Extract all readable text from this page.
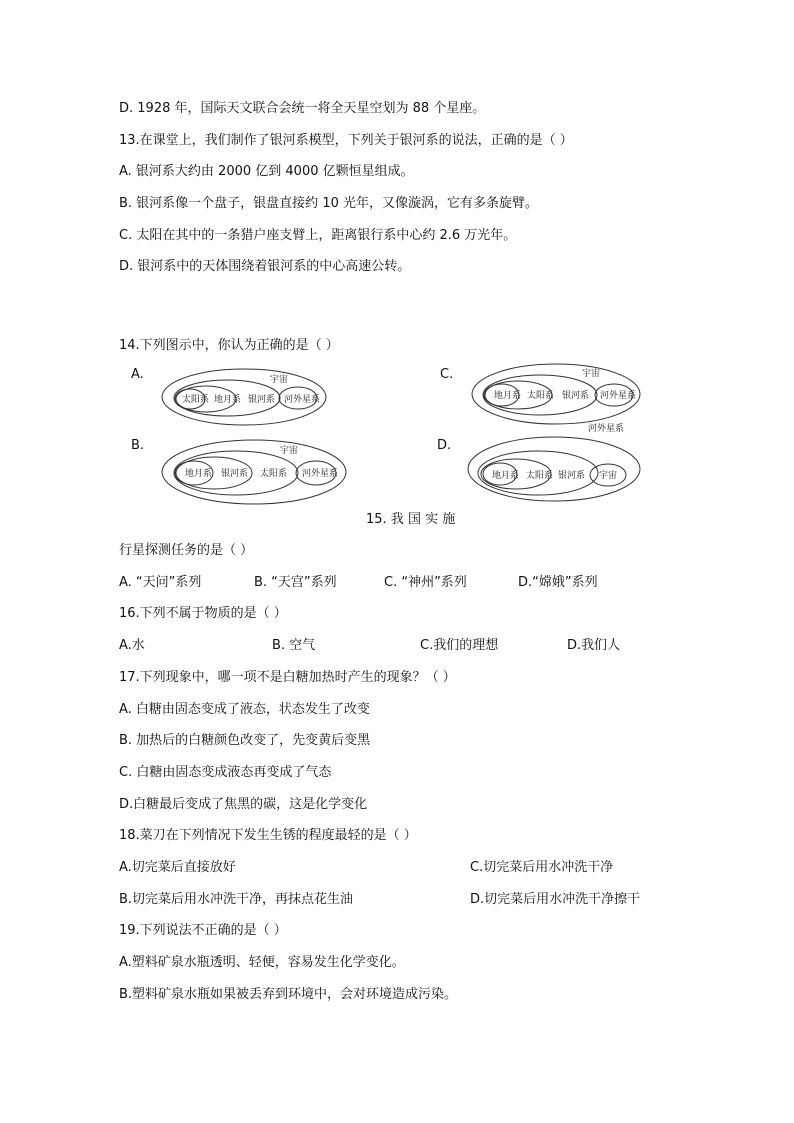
D. 1928 年，国际天文联合会统一将全天星空划为 88 个星座。
13.在课堂上，我们制作了银河系模型，下列关于银河系的说法，正确的是（ ）
A. 银河系大约由 2000 亿到 4000 亿颗恒星组成。
B. 银河系像一个盘子，银盘直接约 10 光年，又像漩涡，它有多条旋臂。
C. 太阳在其中的一条猎户座支臂上，距离银行系中心约 2.6 万光年。
D. 银河系中的天体围绕着银河系的中心高速公转。
14.下列图示中，你认为正确的是（ ）
A.	C.
B.	D.
太阳系 地月系 银河系
宇宙
河外星系	地月系 太阳系 银河系
宇宙
河外星系
地月系 银河系 太阳系
宇宙
河外星系	地月系 太阳系 银河系
河外星系
宇宙
15. 我 国 实 施
行星探测任务的是（ ）
A. “天问”系列	B. “天宫”系列	C. “神州”系列	D.“嫦娥”系列
16.下列不属于物质的是（ ）
A.水	B. 空气	C.我们的理想	D.我们人
17.下列现象中，哪一项不是白糖加热时产生的现象？（ ）
A. 白糖由固态变成了液态，状态发生了改变
B. 加热后的白糖颜色改变了，先变黄后变黑
C. 白糖由固态变成液态再变成了气态
D.白糖最后变成了焦黑的碳，这是化学变化
18.菜刀在下列情况下发生生锈的程度最轻的是（ ）
A.切完菜后直接放好	C.切完菜后用水冲洗干净
B.切完菜后用水冲洗干净，再抹点花生油	D.切完菜后用水冲洗干净擦干
19.下列说法不正确的是（ ）
A.塑料矿泉水瓶透明、轻便，容易发生化学变化。
B.塑料矿泉水瓶如果被丢弃到环境中，会对环境造成污染。
